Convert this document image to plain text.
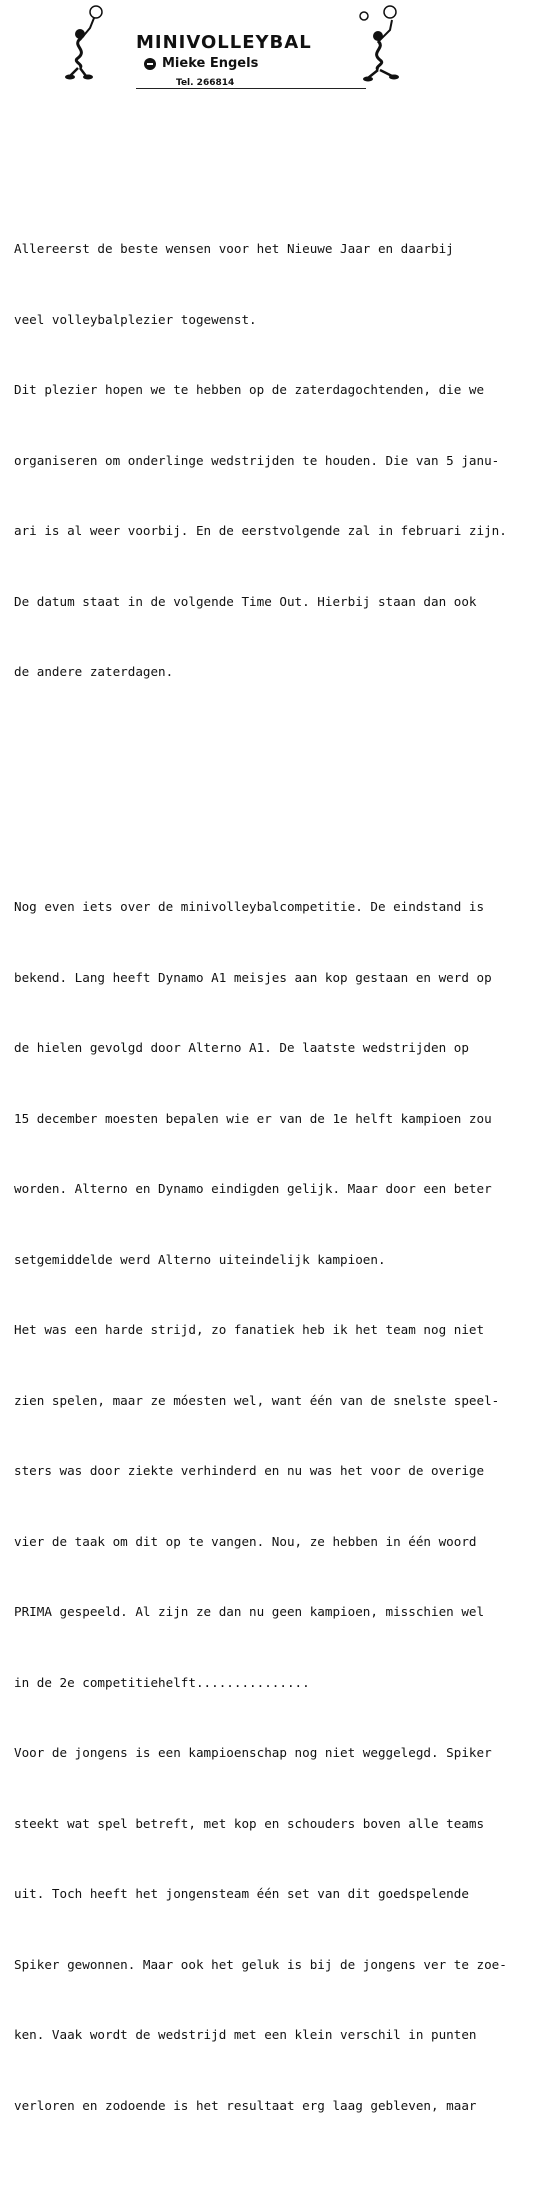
MINIVOLLEYBAL
Mieke Engels
Tel. 266814

Allereerst de beste wensen voor het Nieuwe Jaar en daarbij

veel volleybalplezier togewenst.

Dit plezier hopen we te hebben op de zaterdagochtenden, die we

organiseren om onderlinge wedstrijden te houden. Die van 5 janu-

ari is al weer voorbij. En de eerstvolgende zal in februari zijn.

De datum staat in de volgende Time Out. Hierbij staan dan ook

de andere zaterdagen.

Nog even iets over de minivolleybalcompetitie. De eindstand is

bekend. Lang heeft Dynamo A1 meisjes aan kop gestaan en werd op

de hielen gevolgd door Alterno A1. De laatste wedstrijden op

15 december moesten bepalen wie er van de 1e helft kampioen zou

worden. Alterno en Dynamo eindigden gelijk. Maar door een beter

setgemiddelde werd Alterno uiteindelijk kampioen.

Het was een harde strijd, zo fanatiek heb ik het team nog niet

zien spelen, maar ze móesten wel, want één van de snelste speel-

sters was door ziekte verhinderd en nu was het voor de overige

vier de taak om dit op te vangen. Nou, ze hebben in één woord

PRIMA gespeeld. Al zijn ze dan nu geen kampioen, misschien wel

in de 2e competitiehelft...............

Voor de jongens is een kampioenschap nog niet weggelegd. Spiker

steekt wat spel betreft, met kop en schouders boven alle teams

uit. Toch heeft het jongensteam één set van dit goedspelende

Spiker gewonnen. Maar ook het geluk is bij de jongens ver te zoe-

ken. Vaak wordt de wedstrijd met een klein verschil in punten

verloren en zodoende is het resultaat erg laag gebleven, maar
